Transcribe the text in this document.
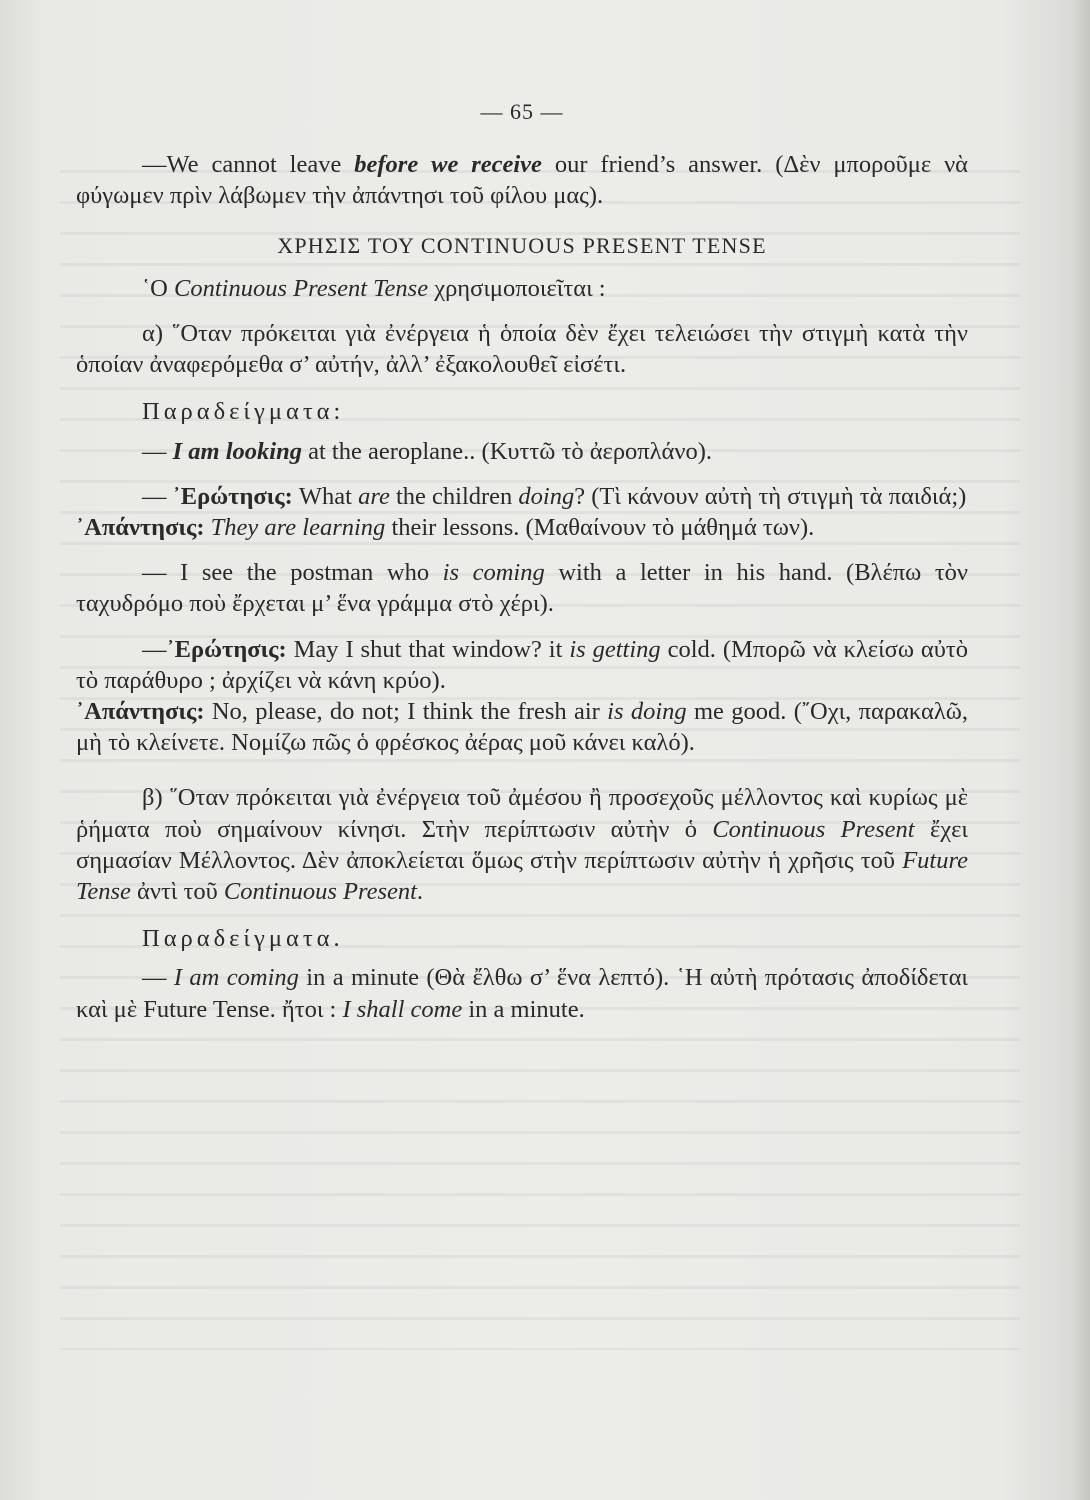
— 65 —

—We cannot leave before we receive our friend’s answer. (Δὲν μποροῦμε νὰ φύγωμεν πρὶν λάβωμεν τὴν ἀπάντησι τοῦ φίλου μας).

ΧΡΗΣΙΣ ΤΟΥ CONTINUOUS PRESENT TENSE

῾Ο Continuous Present Tense χρησιμοποιεῖται :

α) ῞Οταν πρόκειται γιὰ ἐνέργεια ἡ ὁποία δὲν ἔχει τελειώσει τὴν στιγμὴ κατὰ τὴν ὁποίαν ἀναφερόμεθα σ’ αὐτήν, ἀλλ’ ἐξακολουθεῖ εἰσέτι.

Παραδείγματα:

— I am looking at the aeroplane.. (Κυττῶ τὸ ἀεροπλάνο).

— ᾽Ερώτησις: What are the children doing? (Τὶ κάνουν αὐτὴ τὴ στιγμὴ τὰ παιδιά;)

᾽Απάντησις: They are learning their lessons. (Μαθαίνουν τὸ μάθημά των).

— I see the postman who is coming with a letter in his hand. (Βλέπω τὸν ταχυδρόμο ποὺ ἔρχεται μ’ ἕνα γράμμα στὸ χέρι).

—᾽Ερώτησις: May I shut that window? it is getting cold. (Μπορῶ νὰ κλείσω αὐτὸ τὸ παράθυρο ; ἀρχίζει νὰ κάνη κρύο).

᾽Απάντησις: No, please, do not; I think the fresh air is doing me good. (῎Οχι, παρακαλῶ, μὴ τὸ κλείνετε. Νομίζω πῶς ὁ φρέσκος ἀέρας μοῦ κάνει καλό).

β) ῞Οταν πρόκειται γιὰ ἐνέργεια τοῦ ἀμέσου ἢ προσεχοῦς μέλλοντος καὶ κυρίως μὲ ῥήματα ποὺ σημαίνουν κίνησι. Στὴν περίπτωσιν αὐτὴν ὁ Continuous Present ἔχει σημασίαν Μέλλοντος. Δὲν ἀποκλείεται ὅμως στὴν περίπτωσιν αὐτὴν ἡ χρῆσις τοῦ Future Tense ἀντὶ τοῦ Continuous Present.

Παραδείγματα.

— I am coming in a minute (Θὰ ἔλθω σ’ ἕνα λεπτό). ῾Η αὐτὴ πρότασις ἀποδίδεται καὶ μὲ Future Tense. ἤτοι : I shall come in a minute.
